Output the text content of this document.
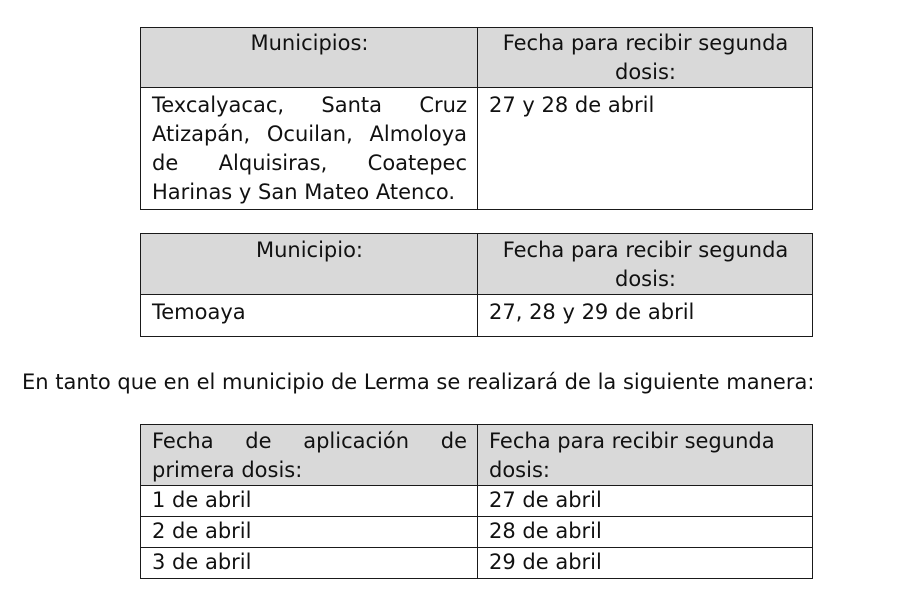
Municipios:	Fecha para recibir segunda dosis:
Texcalyacac, Santa Cruz Atizapán, Ocuilan, Almoloya de Alquisiras, Coatepec Harinas y San Mateo Atenco.	27 y 28 de abril
Municipio:	Fecha para recibir segunda dosis:
Temoaya	27, 28 y 29 de abril

En tanto que en el municipio de Lerma se realizará de la siguiente manera:

Fecha de aplicación de primera dosis:	Fecha para recibir segunda dosis:
1 de abril	27 de abril
2 de abril	28 de abril
3 de abril	29 de abril
